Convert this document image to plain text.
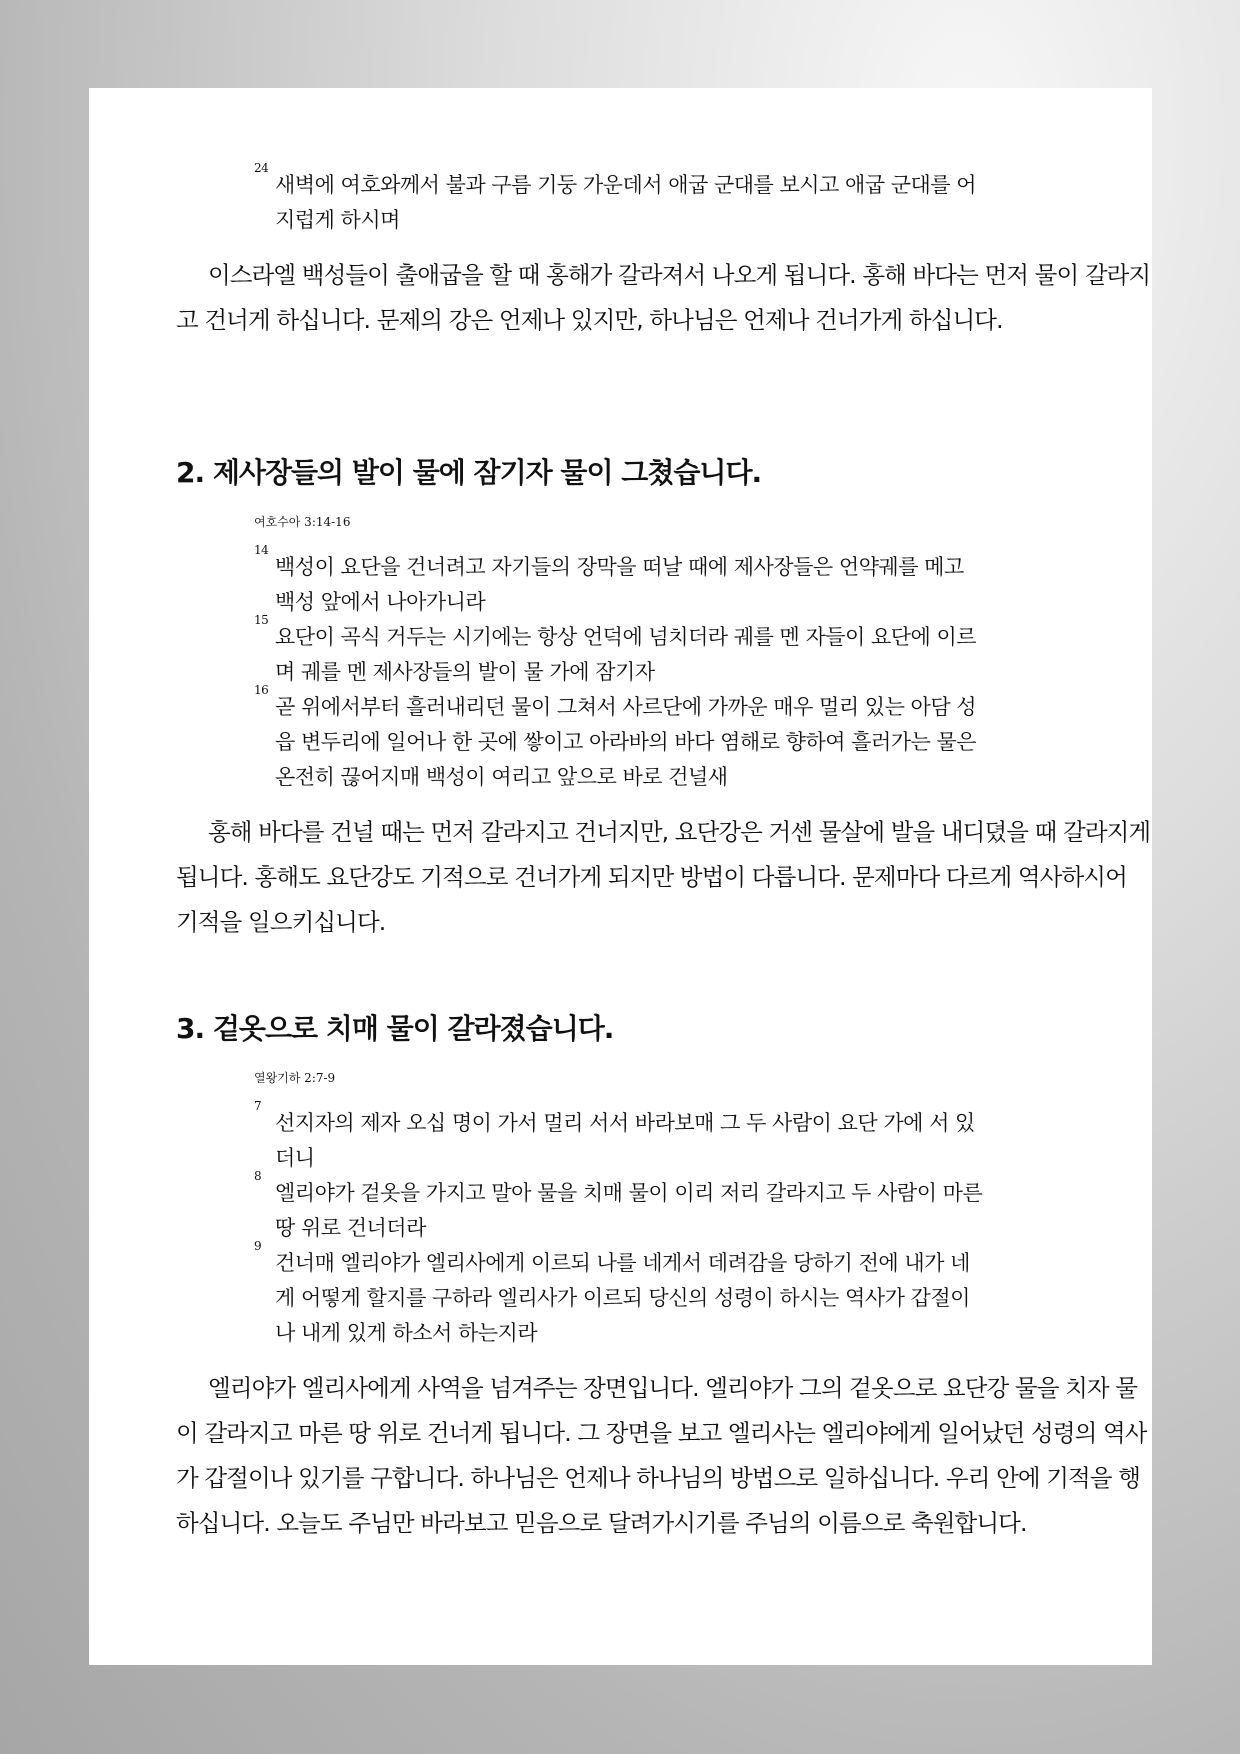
24
새벽에 여호와께서 불과 구름 기둥 가운데서 애굽 군대를 보시고 애굽 군대를 어지럽게 하시며

이스라엘 백성들이 출애굽을 할 때 홍해가 갈라져서 나오게 됩니다. 홍해 바다는 먼저 물이 갈라지고 건너게 하십니다. 문제의 강은 언제나 있지만, 하나님은 언제나 건너가게 하십니다.

2. 제사장들의 발이 물에 잠기자 물이 그쳤습니다.
여호수아 3:14-16
14
백성이 요단을 건너려고 자기들의 장막을 떠날 때에 제사장들은 언약궤를 메고 백성 앞에서 나아가니라
15
요단이 곡식 거두는 시기에는 항상 언덕에 넘치더라 궤를 멘 자들이 요단에 이르며 궤를 멘 제사장들의 발이 물 가에 잠기자
16
곧 위에서부터 흘러내리던 물이 그쳐서 사르단에 가까운 매우 멀리 있는 아담 성읍 변두리에 일어나 한 곳에 쌓이고 아라바의 바다 염해로 향하여 흘러가는 물은 온전히 끊어지매 백성이 여리고 앞으로 바로 건널새

홍해 바다를 건널 때는 먼저 갈라지고 건너지만, 요단강은 거센 물살에 발을 내디뎠을 때 갈라지게 됩니다. 홍해도 요단강도 기적으로 건너가게 되지만 방법이 다릅니다. 문제마다 다르게 역사하시어 기적을 일으키십니다.

3. 겉옷으로 치매 물이 갈라졌습니다.
열왕기하 2:7-9
7
선지자의 제자 오십 명이 가서 멀리 서서 바라보매 그 두 사람이 요단 가에 서 있더니
8
엘리야가 겉옷을 가지고 말아 물을 치매 물이 이리 저리 갈라지고 두 사람이 마른 땅 위로 건너더라
9
건너매 엘리야가 엘리사에게 이르되 나를 네게서 데려감을 당하기 전에 내가 네게 어떻게 할지를 구하라 엘리사가 이르되 당신의 성령이 하시는 역사가 갑절이나 내게 있게 하소서 하는지라

엘리야가 엘리사에게 사역을 넘겨주는 장면입니다. 엘리야가 그의 겉옷으로 요단강 물을 치자 물이 갈라지고 마른 땅 위로 건너게 됩니다. 그 장면을 보고 엘리사는 엘리야에게 일어났던 성령의 역사가 갑절이나 있기를 구합니다. 하나님은 언제나 하나님의 방법으로 일하십니다. 우리 안에 기적을 행하십니다. 오늘도 주님만 바라보고 믿음으로 달려가시기를 주님의 이름으로 축원합니다.
